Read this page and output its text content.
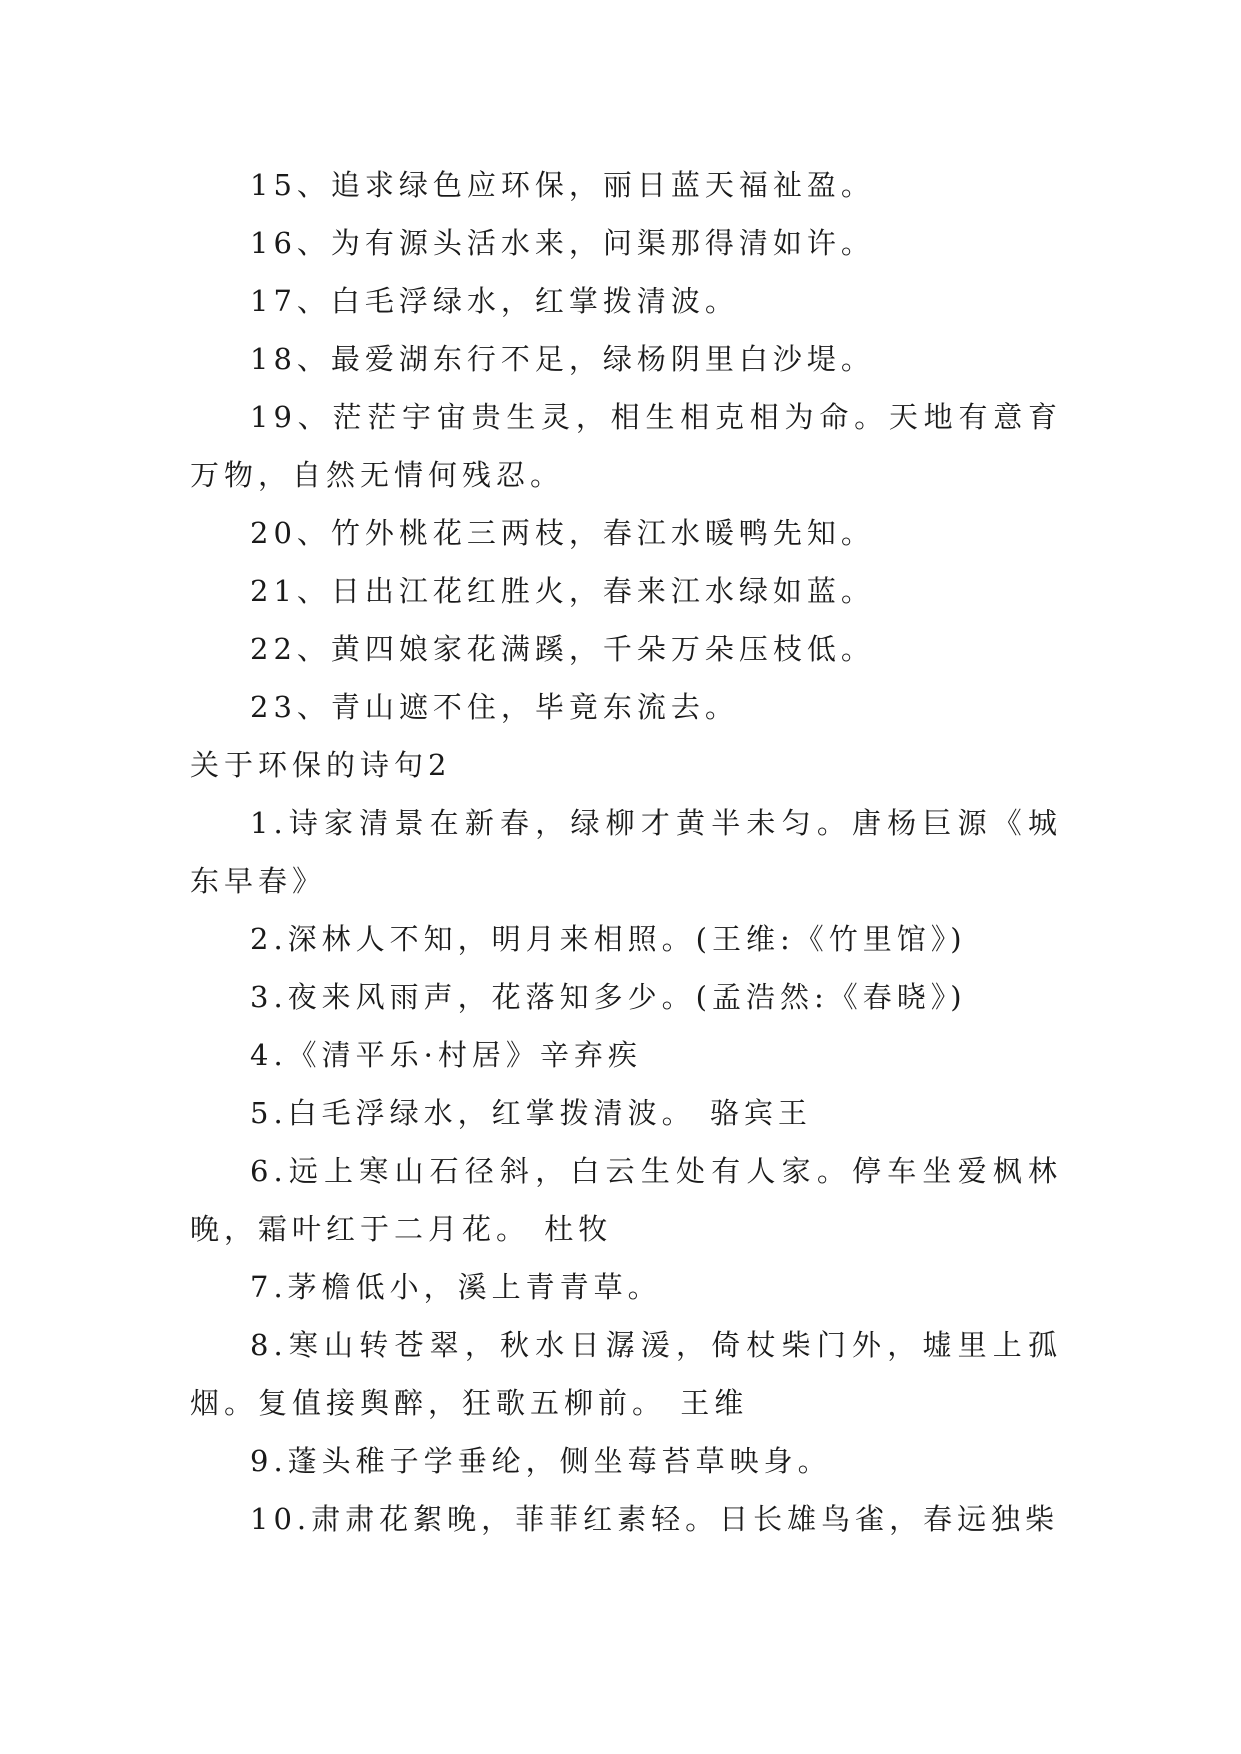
15、追求绿色应环保，丽日蓝天福祉盈。

16、为有源头活水来，问渠那得清如许。

17、白毛浮绿水，红掌拨清波。

18、最爱湖东行不足，绿杨阴里白沙堤。

19、茫茫宇宙贵生灵，相生相克相为命。天地有意育万物，自然无情何残忍。

20、竹外桃花三两枝，春江水暖鸭先知。

21、日出江花红胜火，春来江水绿如蓝。

22、黄四娘家花满蹊，千朵万朵压枝低。

23、青山遮不住，毕竟东流去。

关于环保的诗句2

1.诗家清景在新春，绿柳才黄半未匀。唐杨巨源《城东早春》

2.深林人不知，明月来相照。(王维:《竹里馆》)

3.夜来风雨声，花落知多少。(孟浩然:《春晓》)

4.《清平乐·村居》辛弃疾

5.白毛浮绿水，红掌拨清波。 骆宾王

6.远上寒山石径斜，白云生处有人家。停车坐爱枫林晚，霜叶红于二月花。 杜牧

7.茅檐低小，溪上青青草。

8.寒山转苍翠，秋水日潺湲，倚杖柴门外，墟里上孤烟。复值接舆醉，狂歌五柳前。 王维

9.蓬头稚子学垂纶，侧坐莓苔草映身。

10.肃肃花絮晚，菲菲红素轻。日长雄鸟雀，春远独柴
